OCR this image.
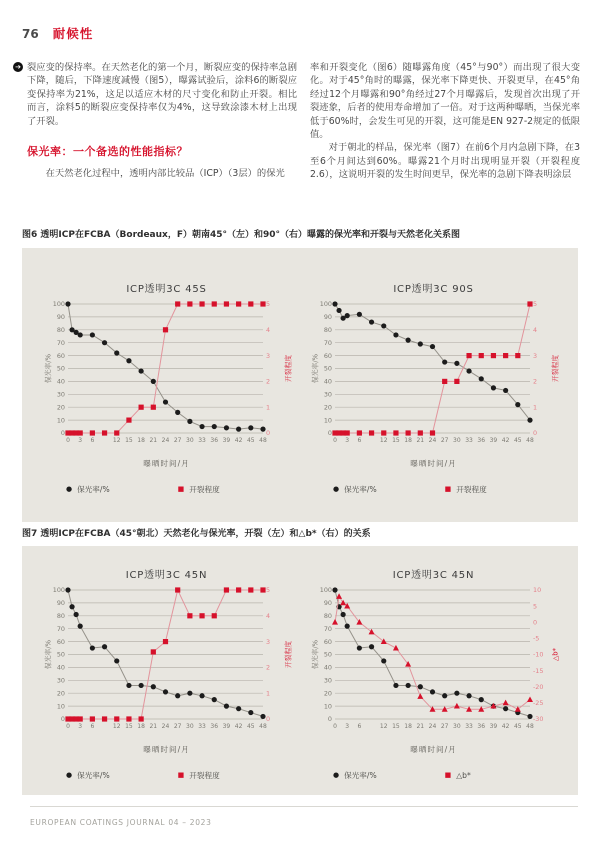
76 耐候性

➔ 裂应变的保持率。在天然老化的第一个月，断裂应变的保持率急剧下降，随后，下降速度减慢（图5），曝露试验后，涂料6的断裂应变保持率为21%，这足以适应木材的尺寸变化和防止开裂。相比而言，涂料5的断裂应变保持率仅为4%，这导致涂漆木材上出现了开裂。

保光率：一个备选的性能指标？

在天然老化过程中，透明内部比较品（ICP）（3层）的保光

率和开裂变化（图6）随曝露角度（45°与90°）而出现了很大变化。对于45°角时的曝露，保光率下降更快、开裂更早，在45°角经过12个月曝露和90°角经过27个月曝露后，发现首次出现了开裂迹象，后者的使用寿命增加了一倍。对于这两种曝晒，当保光率低于60%时，会发生可见的开裂，这可能是EN 927-2规定的低限值。

对于朝北的样品，保光率（图7）在前6个月内急剧下降，在3至6个月间达到60%。曝露21个月时出现明显开裂（开裂程度2.6），这说明开裂的发生时间更早，保光率的急剧下降表明涂层

图6 透明ICP在FCBA（Bordeaux，F）朝南45°（左）和90°（右）曝露的保光率和开裂与天然老化关系图
ICP透明3C 45S
0
10
20
30
40
50
60
70
80
90
100
0
1
2
3
4
5
0 3 6	12 15 18 21 24 27 30 33 36 39 42 45 48
保光率/%	开裂程度
曝晒时间/月
● 保光率/%	■ 开裂程度
ICP透明3C 90S
0
10
20
30
40
50
60
70
80
90
100
0
1
2
3
4
5
0 3 6	12 15 18 21 24 27 30 33 36 39 42 45 48
保光率/%	开裂程度
曝晒时间/月
● 保光率/%	■ 开裂程度
图7 透明ICP在FCBA（45°朝北）天然老化与保光率，开裂（左）和△b*（右）的关系
ICP透明3C 45N
0
10
20
30
40
50
60
70
80
90
100
0
1
2
3
4
5
0 3 6	12 15 18 21 24 27 30 33 36 39 42 45 48
保光率/%	开裂程度
曝晒时间/月
● 保光率/%	■ 开裂程度
ICP透明3C 45N
0
10
20
30
40
50
60
70
80
90
100	10
5
0
-5
-10
-15
-20
-25
-30
0 3 6	12 15 18 21 24 27 30 33 36 39 42 45 48
保光率/%	△b*
曝晒时间/月
● 保光率/%	■ △b*
EUROPEAN COATINGS JOURNAL 04 – 2023
